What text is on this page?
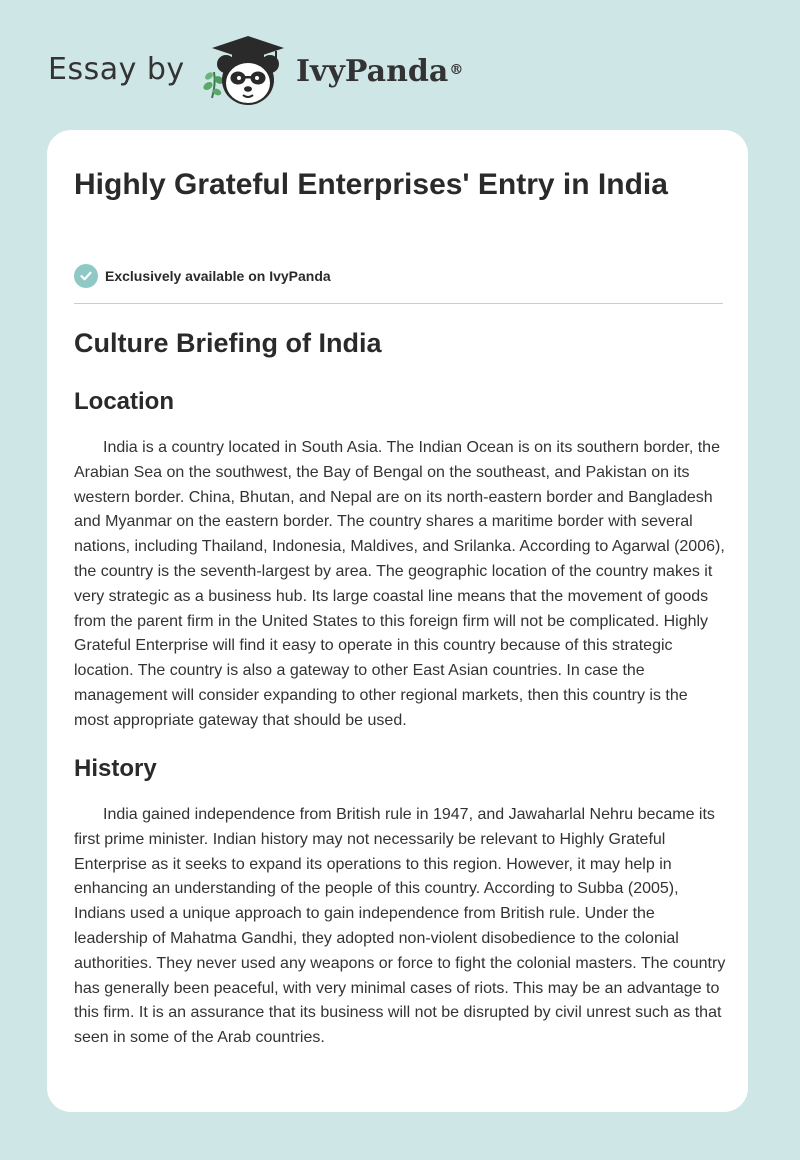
Essay by	IvyPanda®
Highly Grateful Enterprises' Entry in India
Exclusively available on IvyPanda
Culture Briefing of India
Location

India is a country located in South Asia. The Indian Ocean is on its southern border, the Arabian Sea on the southwest, the Bay of Bengal on the southeast, and Pakistan on its western border. China, Bhutan, and Nepal are on its north-eastern border and Bangladesh and Myanmar on the eastern border. The country shares a maritime border with several nations, including Thailand, Indonesia, Maldives, and Srilanka. According to Agarwal (2006), the country is the seventh-largest by area. The geographic location of the country makes it very strategic as a business hub. Its large coastal line means that the movement of goods from the parent firm in the United States to this foreign firm will not be complicated. Highly Grateful Enterprise will find it easy to operate in this country because of this strategic location. The country is also a gateway to other East Asian countries. In case the management will consider expanding to other regional markets, then this country is the most appropriate gateway that should be used.

History

India gained independence from British rule in 1947, and Jawaharlal Nehru became its first prime minister. Indian history may not necessarily be relevant to Highly Grateful Enterprise as it seeks to expand its operations to this region. However, it may help in enhancing an understanding of the people of this country. According to Subba (2005), Indians used a unique approach to gain independence from British rule. Under the leadership of Mahatma Gandhi, they adopted non-violent disobedience to the colonial authorities. They never used any weapons or force to fight the colonial masters. The country has generally been peaceful, with very minimal cases of riots. This may be an advantage to this firm. It is an assurance that its business will not be disrupted by civil unrest such as that seen in some of the Arab countries.
